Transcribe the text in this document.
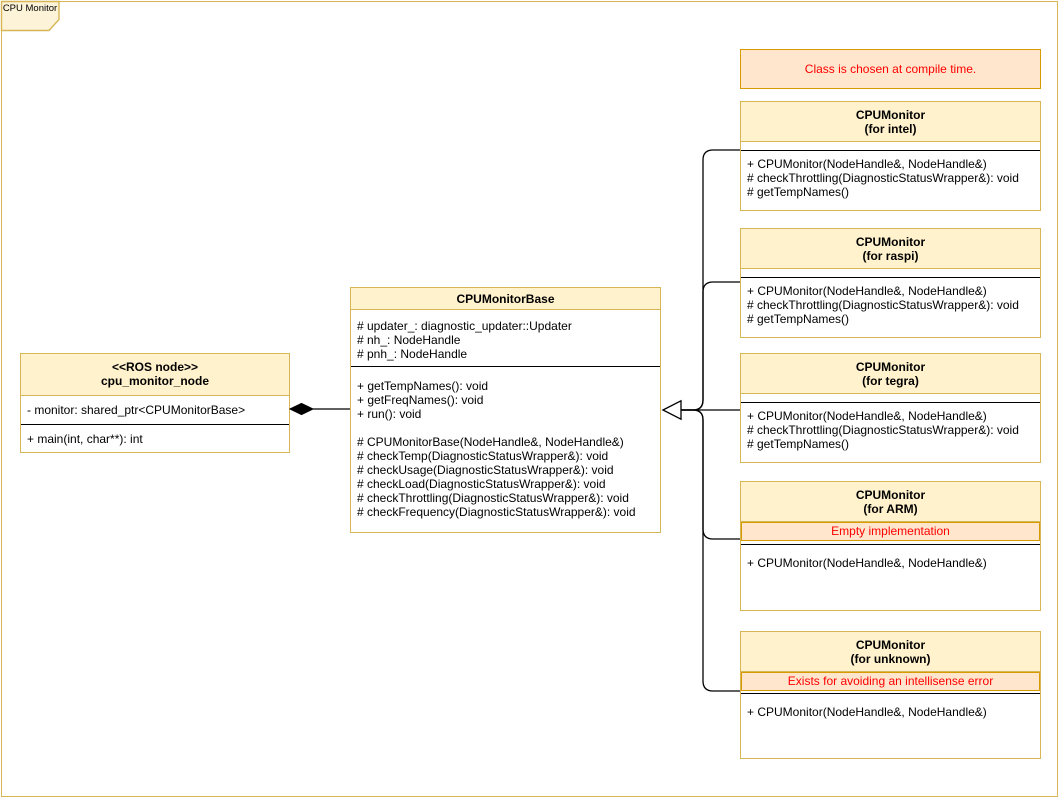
CPU Monitor
Class is chosen at compile time.
<<ROS node>>
cpu_monitor_node
- monitor: shared_ptr<CPUMonitorBase>
+ main(int, char**): int
CPUMonitorBase
# updater_: diagnostic_updater::Updater
# nh_: NodeHandle
# pnh_: NodeHandle
+ getTempNames(): void
+ getFreqNames(): void
+ run(): void
# CPUMonitorBase(NodeHandle&, NodeHandle&)
# checkTemp(DiagnosticStatusWrapper&): void
# checkUsage(DiagnosticStatusWrapper&): void
# checkLoad(DiagnosticStatusWrapper&): void
# checkThrottling(DiagnosticStatusWrapper&): void
# checkFrequency(DiagnosticStatusWrapper&): void
CPUMonitor
(for intel)
+ CPUMonitor(NodeHandle&, NodeHandle&)
# checkThrottling(DiagnosticStatusWrapper&): void
# getTempNames()
CPUMonitor
(for raspi)
+ CPUMonitor(NodeHandle&, NodeHandle&)
# checkThrottling(DiagnosticStatusWrapper&): void
# getTempNames()
CPUMonitor
(for tegra)
+ CPUMonitor(NodeHandle&, NodeHandle&)
# checkThrottling(DiagnosticStatusWrapper&): void
# getTempNames()
CPUMonitor
(for ARM)
Empty implementation
+ CPUMonitor(NodeHandle&, NodeHandle&)
CPUMonitor
(for unknown)
Exists for avoiding an intellisense error
+ CPUMonitor(NodeHandle&, NodeHandle&)
